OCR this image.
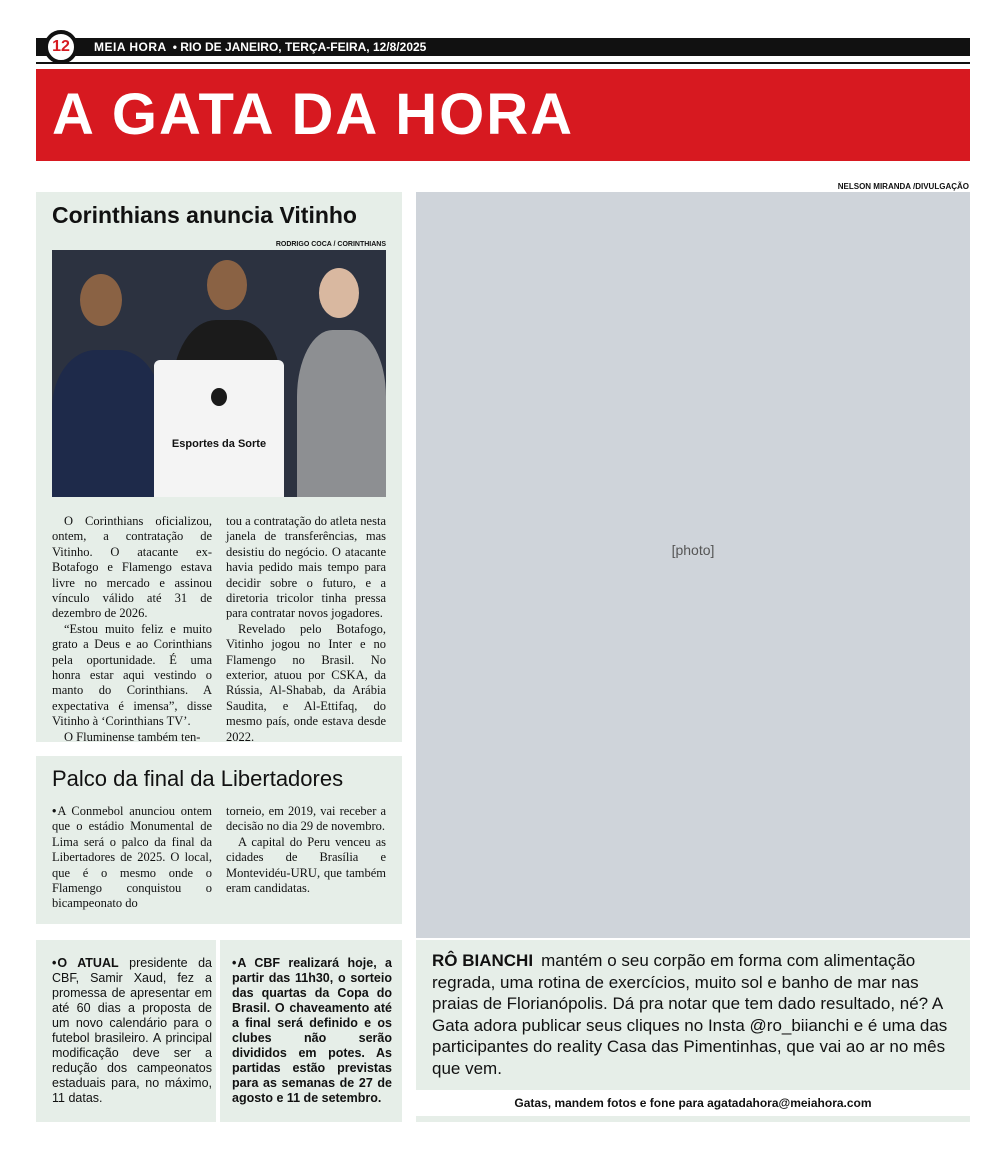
12	MEIA HORA • RIO DE JANEIRO, TERÇA-FEIRA, 12/8/2025
A GATA DA HORA
NELSON MIRANDA /DIVULGAÇÃO
Corinthians anuncia Vitinho
RODRIGO COCA / CORINTHIANS
Esportes da Sorte

O Corinthians oficializou, ontem, a contratação de Vitinho. O atacante ex-Botafogo e Flamengo estava livre no mercado e assinou vínculo válido até 31 de dezembro de 2026.

“Estou muito feliz e muito grato a Deus e ao Corinthians pela oportunidade. É uma honra estar aqui vestindo o manto do Corinthians. A expectativa é imensa”, disse Vitinho à ‘Corinthians TV’.

O Fluminense também ten-

tou a contratação do atleta nesta janela de transferências, mas desistiu do negócio. O atacante havia pedido mais tempo para decidir sobre o futuro, e a diretoria tricolor tinha pressa para contratar novos jogadores.

Revelado pelo Botafogo, Vitinho jogou no Inter e no Flamengo no Brasil. No exterior, atuou por CSKA, da Rússia, Al-Shabab, da Arábia Saudita, e Al-Ettifaq, do mesmo país, onde estava desde 2022.

Palco da final da Libertadores

• A Conmebol anunciou ontem que o estádio Monumental de Lima será o palco da final da Libertadores de 2025. O local, que é o mesmo onde o Flamengo conquistou o bicampeonato do

torneio, em 2019, vai receber a decisão no dia 29 de novembro.

A capital do Peru venceu as cidades de Brasília e Montevidéu-URU, que também eram candidatas.

• O ATUAL presidente da CBF, Samir Xaud, fez a promessa de apresentar em até 60 dias a proposta de um novo calendário para o futebol brasileiro. A principal modificação deve ser a redução dos campeonatos estaduais para, no máximo, 11 datas.

• A CBF realizará hoje, a partir das 11h30, o sorteio das quartas da Copa do Brasil. O chaveamento até a final será definido e os clubes não serão divididos em potes. As partidas estão previstas para as semanas de 27 de agosto e 11 de setembro.

[photo]
RÔ BIANCHI mantém o seu corpão em forma com alimentação regrada, uma rotina de exercícios, muito sol e banho de mar nas praias de Florianópolis. Dá pra notar que tem dado resultado, né? A Gata adora publicar seus cliques no Insta @ro_biianchi e é uma das participantes do reality Casa das Pimentinhas, que vai ao ar no mês que vem.
Gatas, mandem fotos e fone para agatadahora@meiahora.com
